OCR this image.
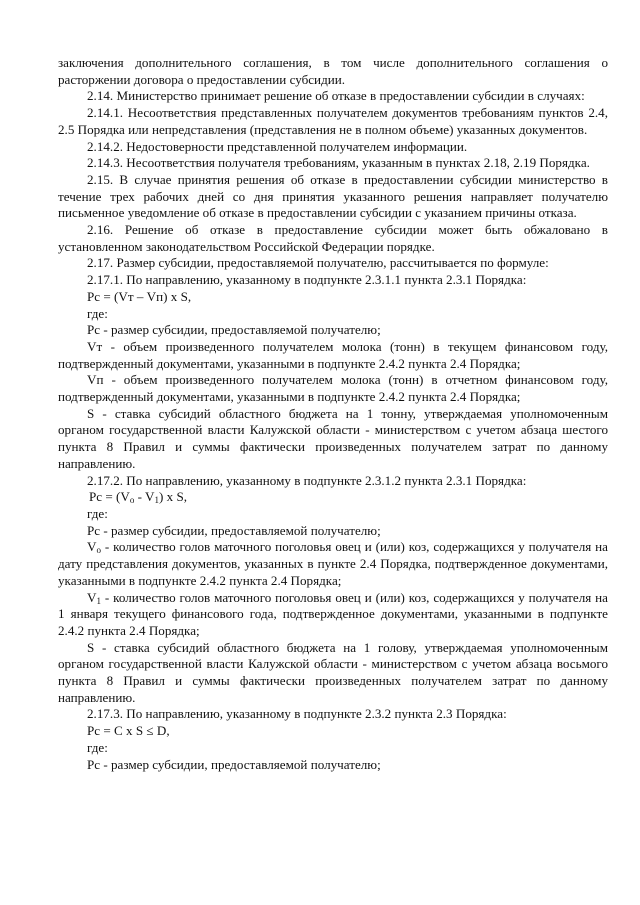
заключения дополнительного соглашения, в том числе дополнительного соглашения о расторжении договора о предоставлении субсидии.

2.14. Министерство принимает решение об отказе в предоставлении субсидии в случаях:

2.14.1. Несоответствия представленных получателем документов требованиям пунктов 2.4, 2.5 Порядка или непредставления (представления не в полном объеме) указанных документов.

2.14.2. Недостоверности представленной получателем информации.

2.14.3. Несоответствия получателя требованиям, указанным в пунктах 2.18, 2.19 Порядка.

2.15. В случае принятия решения об отказе в предоставлении субсидии министерство в течение трех рабочих дней со дня принятия указанного решения направляет получателю письменное уведомление об отказе в предоставлении субсидии с указанием причины отказа.

2.16. Решение об отказе в предоставление субсидии может быть обжаловано в установленном законодательством Российской Федерации порядке.

2.17. Размер субсидии, предоставляемой получателю, рассчитывается по формуле:

2.17.1. По направлению, указанному в подпункте 2.3.1.1 пункта 2.3.1 Порядка:

Pc = (Vт – Vп) x S,

где:

Pc - размер субсидии, предоставляемой получателю;

Vт - объем произведенного получателем молока (тонн) в текущем финансовом году, подтвержденный документами, указанными в подпункте 2.4.2 пункта 2.4 Порядка;

Vп - объем произведенного получателем молока (тонн) в отчетном финансовом году, подтвержденный документами, указанными в подпункте 2.4.2 пункта 2.4 Порядка;

S - ставка субсидий областного бюджета на 1 тонну, утверждаемая уполномоченным органом государственной власти Калужской области - министерством с учетом абзаца шестого пункта 8 Правил и суммы фактически произведенных получателем затрат по данному направлению.

2.17.2. По направлению, указанному в подпункте 2.3.1.2 пункта 2.3.1 Порядка:

$Pc = (V_o - V_1)$ x S,

где:

Pc - размер субсидии, предоставляемой получателю;

$V_o$ - количество голов маточного поголовья овец и (или) коз, содержащихся у получателя на дату представления документов, указанных в пункте 2.4 Порядка, подтвержденное документами, указанными в подпункте 2.4.2 пункта 2.4 Порядка;

$V_1$ - количество голов маточного поголовья овец и (или) коз, содержащихся у получателя на 1 января текущего финансового года, подтвержденное документами, указанными в подпункте 2.4.2 пункта 2.4 Порядка;

S - ставка субсидий областного бюджета на 1 голову, утверждаемая уполномоченным органом государственной власти Калужской области - министерством с учетом абзаца восьмого пункта 8 Правил и суммы фактически произведенных получателем затрат по данному направлению.

2.17.3. По направлению, указанному в подпункте 2.3.2 пункта 2.3 Порядка:

Pc = C x S ≤ D,

где:

Pc - размер субсидии, предоставляемой получателю;
